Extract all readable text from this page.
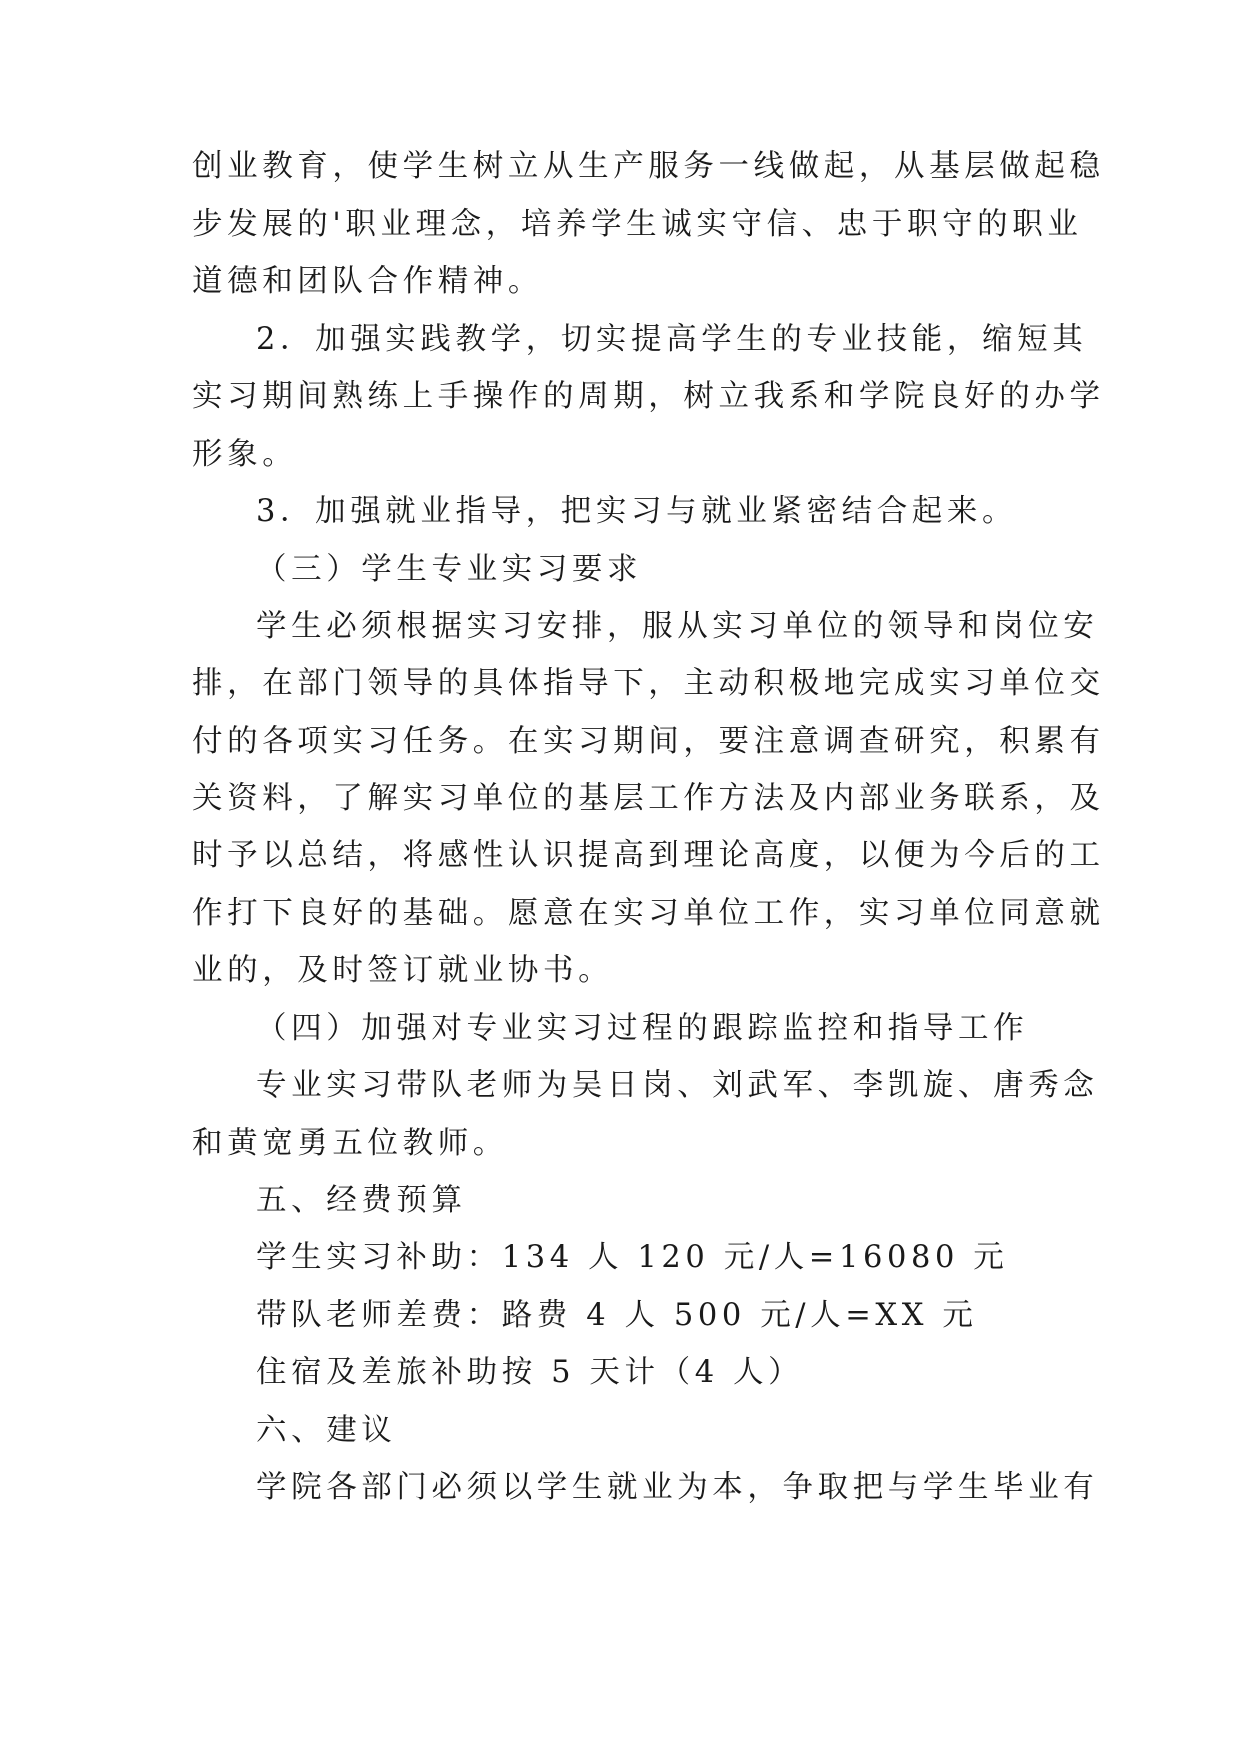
创业教育，使学生树立从生产服务一线做起，从基层做起稳
步发展的'职业理念，培养学生诚实守信、忠于职守的职业
道德和团队合作精神。
2．加强实践教学，切实提高学生的专业技能，缩短其
实习期间熟练上手操作的周期，树立我系和学院良好的办学
形象。
3．加强就业指导，把实习与就业紧密结合起来。
（三）学生专业实习要求
学生必须根据实习安排，服从实习单位的领导和岗位安
排，在部门领导的具体指导下，主动积极地完成实习单位交
付的各项实习任务。在实习期间，要注意调查研究，积累有
关资料，了解实习单位的基层工作方法及内部业务联系，及
时予以总结，将感性认识提高到理论高度，以便为今后的工
作打下良好的基础。愿意在实习单位工作，实习单位同意就
业的，及时签订就业协书。
（四）加强对专业实习过程的跟踪监控和指导工作
专业实习带队老师为吴日岗、刘武军、李凯旋、唐秀念
和黄宽勇五位教师。
五、经费预算
学生实习补助：134 人 120 元/人=16080 元
带队老师差费：路费 4 人 500 元/人=XX 元
住宿及差旅补助按 5 天计（4 人）
六、建议
学院各部门必须以学生就业为本，争取把与学生毕业有
